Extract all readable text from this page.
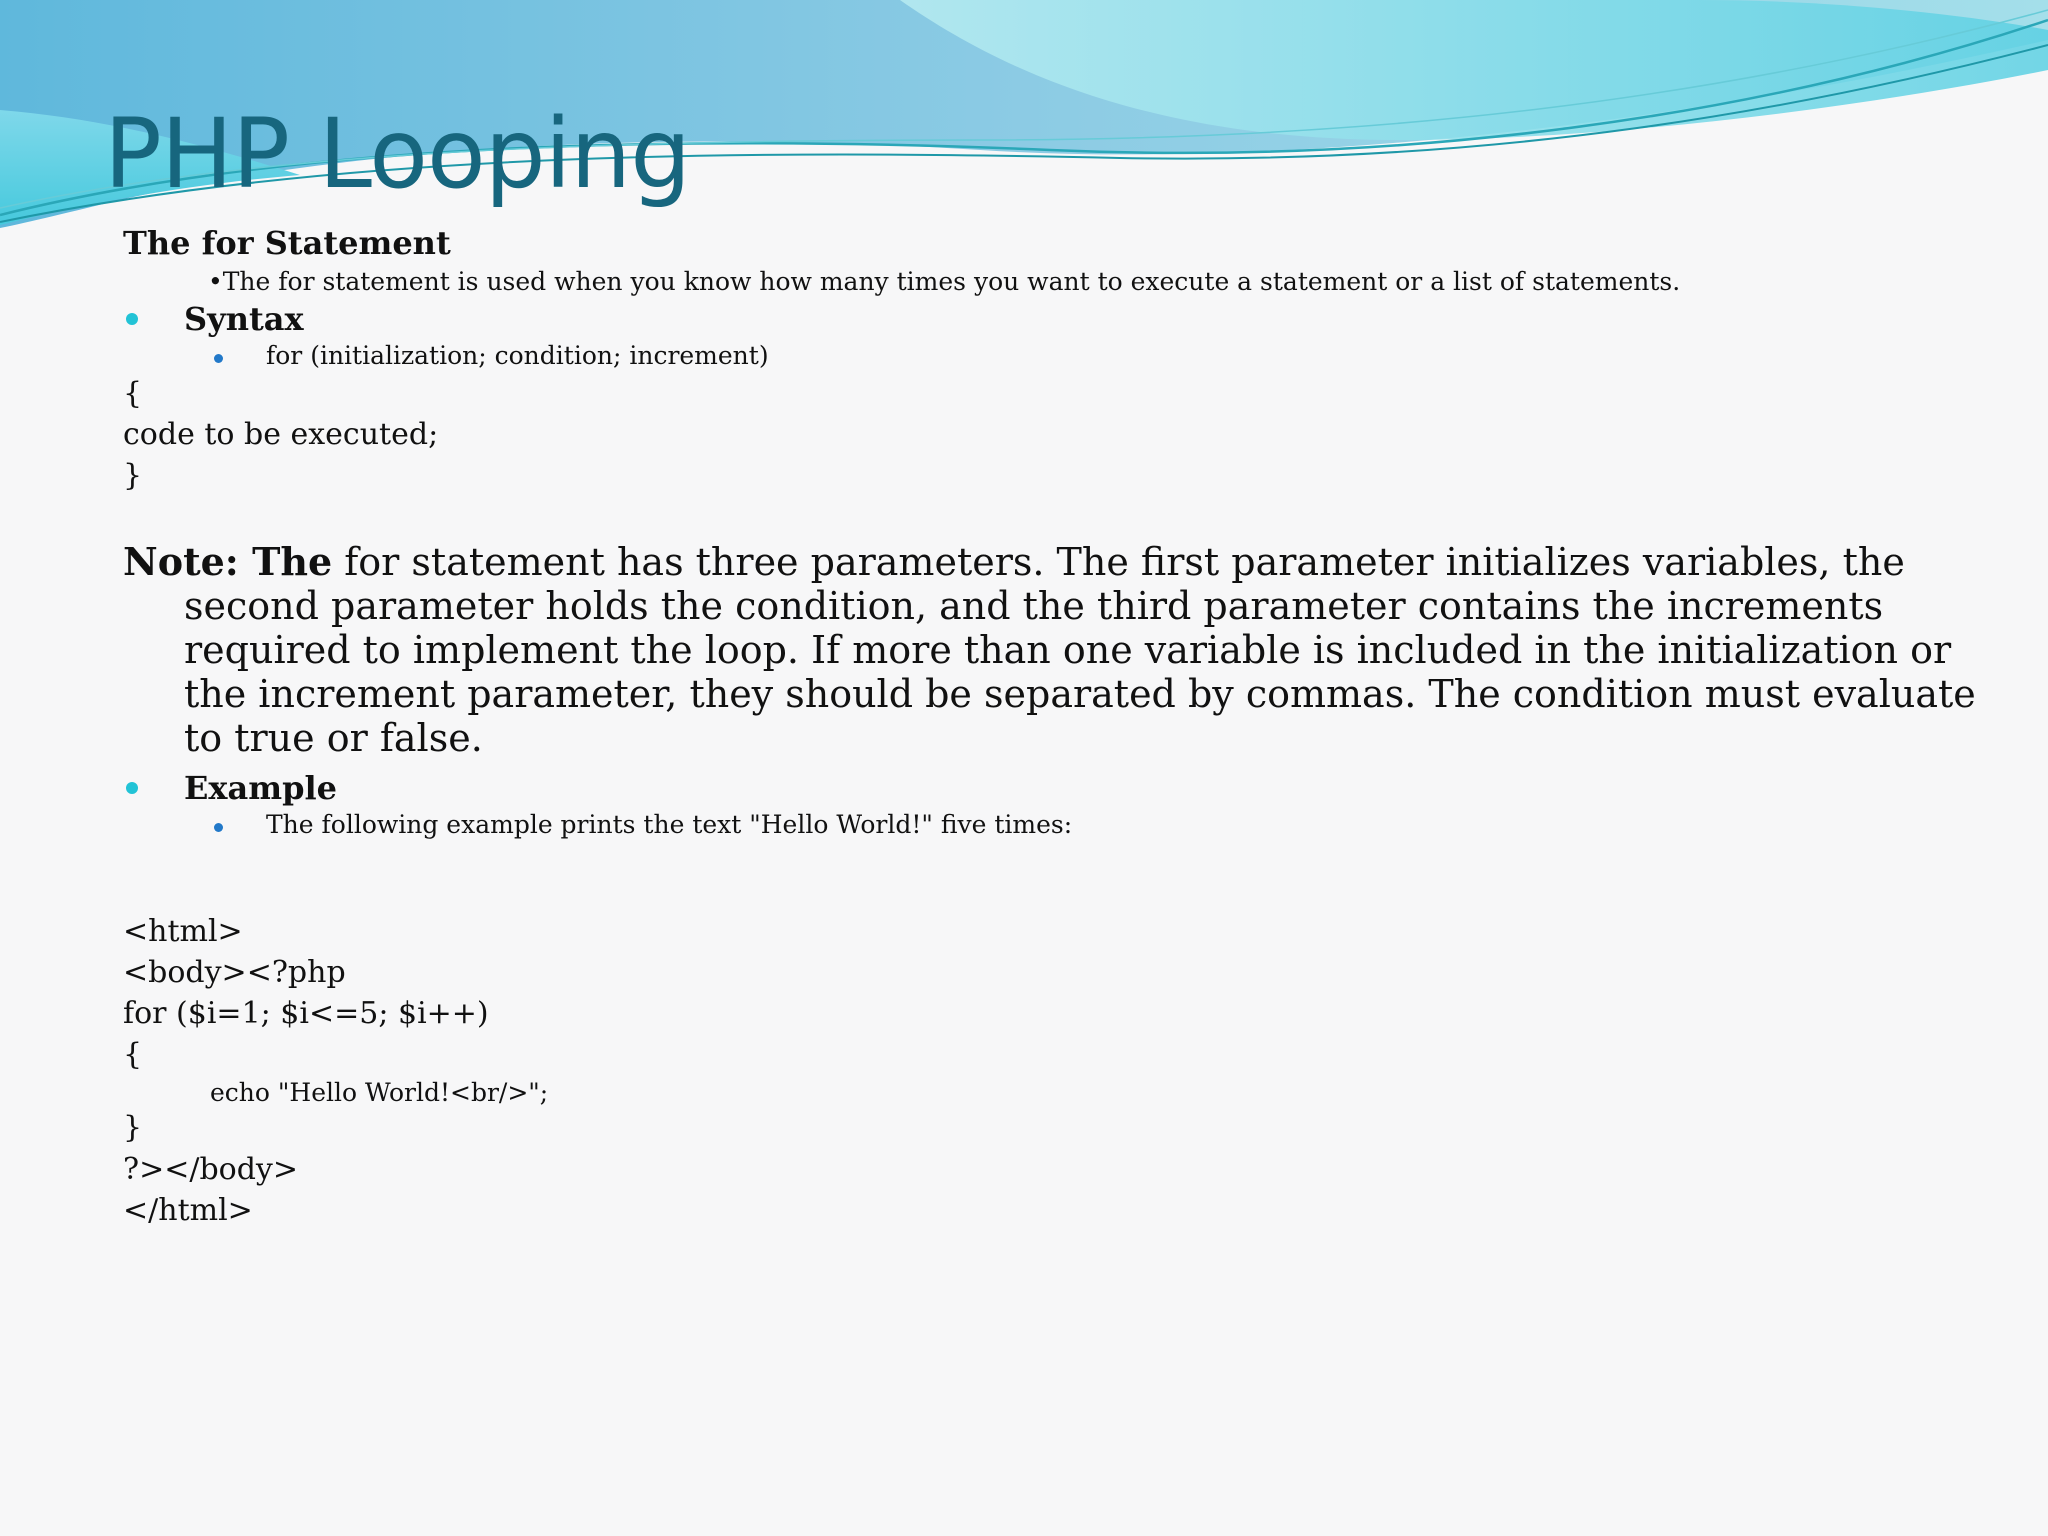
PHP Looping

The for Statement

•The for statement is used when you know how many times you want to execute a statement or a list of statements.

Syntax

for (initialization; condition; increment)

{

code to be executed;

}

Note: The for statement has three parameters. The first parameter initializes variables, the second parameter holds the condition, and the third parameter contains the increments required to implement the loop. If more than one variable is included in the initialization or the increment parameter, they should be separated by commas. The condition must evaluate to true or false.

Example

The following example prints the text "Hello World!" five times:

<html>

<body><?php

for ($i=1; $i<=5; $i++)

{

echo "Hello World!<br/>";

}

?></body>

</html>
